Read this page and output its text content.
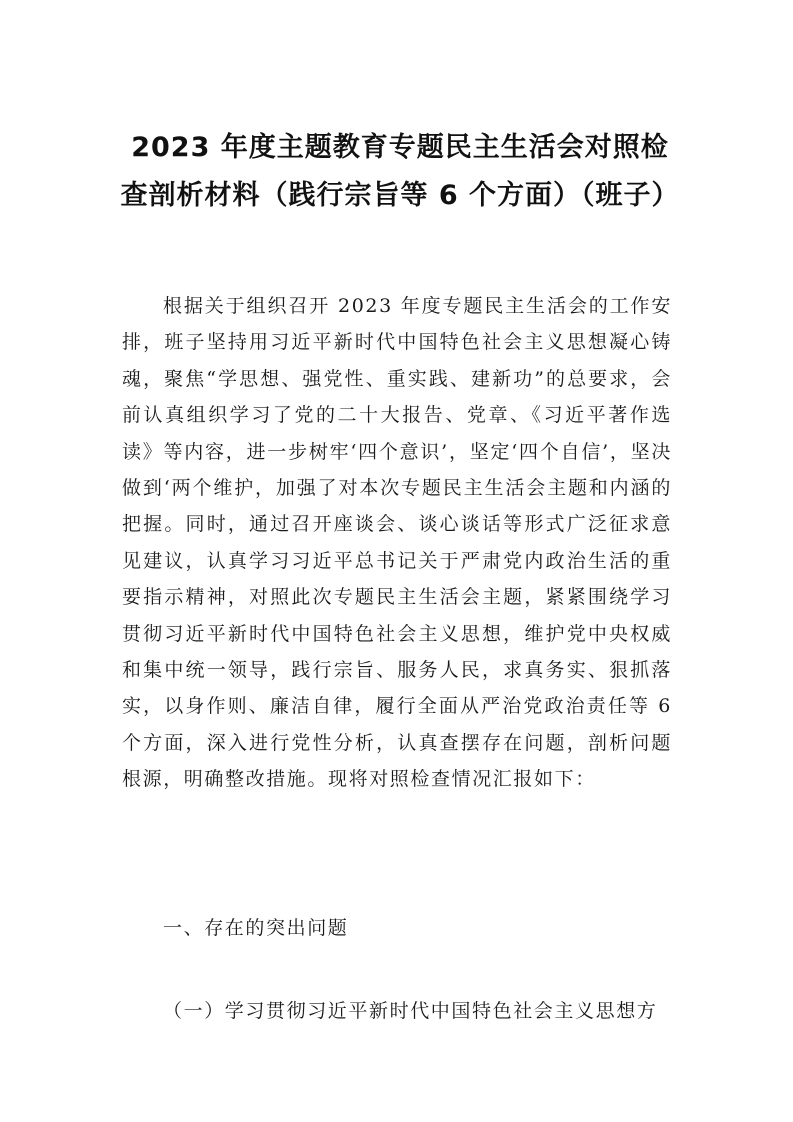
2023 年度主题教育专题民主生活会对照检
查剖析材料（践行宗旨等 6 个方面）（班子）

根据关于组织召开 2023 年度专题民主生活会的工作安排，班子坚持用习近平新时代中国特色社会主义思想凝心铸魂，聚焦“学思想、强党性、重实践、建新功”的总要求，会前认真组织学习了党的二十大报告、党章、《习近平著作选读》等内容，进一步树牢‘四个意识’，坚定‘四个自信’，坚决做到‘两个维护，加强了对本次专题民主生活会主题和内涵的把握。同时，通过召开座谈会、谈心谈话等形式广泛征求意见建议，认真学习习近平总书记关于严肃党内政治生活的重要指示精神，对照此次专题民主生活会主题，紧紧围绕学习贯彻习近平新时代中国特色社会主义思想，维护党中央权威和集中统一领导，践行宗旨、服务人民，求真务实、狠抓落实，以身作则、廉洁自律，履行全面从严治党政治责任等 6 个方面，深入进行党性分析，认真查摆存在问题，剖析问题根源，明确整改措施。现将对照检查情况汇报如下：

一、存在的突出问题

（一）学习贯彻习近平新时代中国特色社会主义思想方
